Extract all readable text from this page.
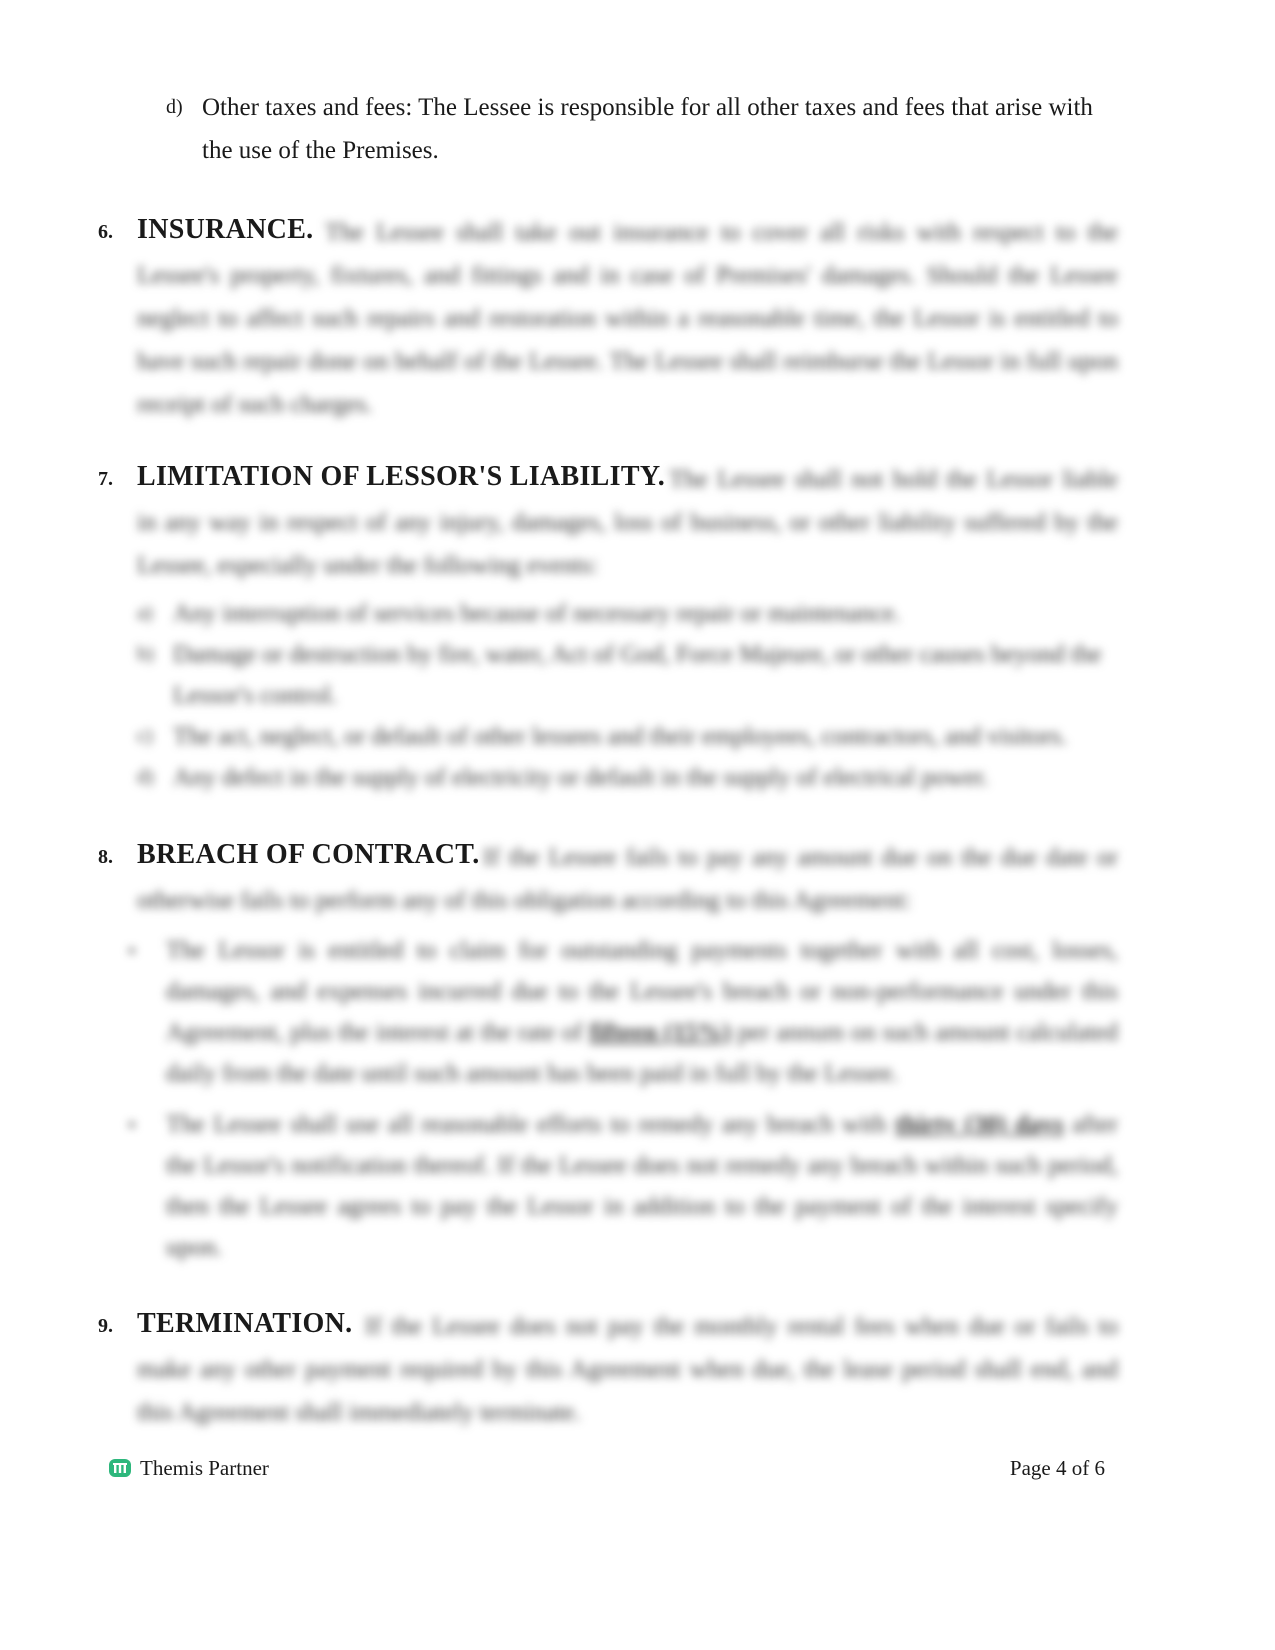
d) Other taxes and fees: The Lessee is responsible for all other taxes and fees that arise with the use of the Premises.
6. INSURANCE. The Lessee shall take out insurance to cover all risks with respect to the Lessee's property, fixtures, and fittings and in case of Premises' damages. Should the Lessee neglect to affect such repairs and restoration within a reasonable time, the Lessor is entitled to have such repair done on behalf of the Lessee. The Lessee shall reimburse the Lessor in full upon receipt of such charges.
7. LIMITATION OF LESSOR'S LIABILITY. The Lessee shall not hold the Lessor liable in any way in respect of any injury, damages, loss of business, or other liability suffered by the Lessee, especially under the following events:
a) Any interruption of services because of necessary repair or maintenance.
b) Damage or destruction by fire, water, Act of God, Force Majeure, or other causes beyond the Lessor's control.
c) The act, neglect, or default of other lessees and their employees, contractors, and visitors.
d) Any defect in the supply of electricity or default in the supply of electrical power.
8. BREACH OF CONTRACT. If the Lessee fails to pay any amount due on the due date or otherwise fails to perform any of this obligation according to this Agreement:
•	The Lessor is entitled to claim for outstanding payments together with all cost, losses, damages, and expenses incurred due to the Lessee's breach or non-performance under this Agreement, plus the interest at the rate of fifteen (15%) per annum on such amount calculated daily from the date until such amount has been paid in full by the Lessee.
•	The Lessee shall use all reasonable efforts to remedy any breach with thirty (30) days after the Lessor's notification thereof. If the Lessee does not remedy any breach within such period, then the Lessee agrees to pay the Lessor in addition to the payment of the interest specify upon.
9. TERMINATION. If the Lessee does not pay the monthly rental fees when due or fails to make any other payment required by this Agreement when due, the lease period shall end, and this Agreement shall immediately terminate.
Themis Partner	Page 4 of 6
